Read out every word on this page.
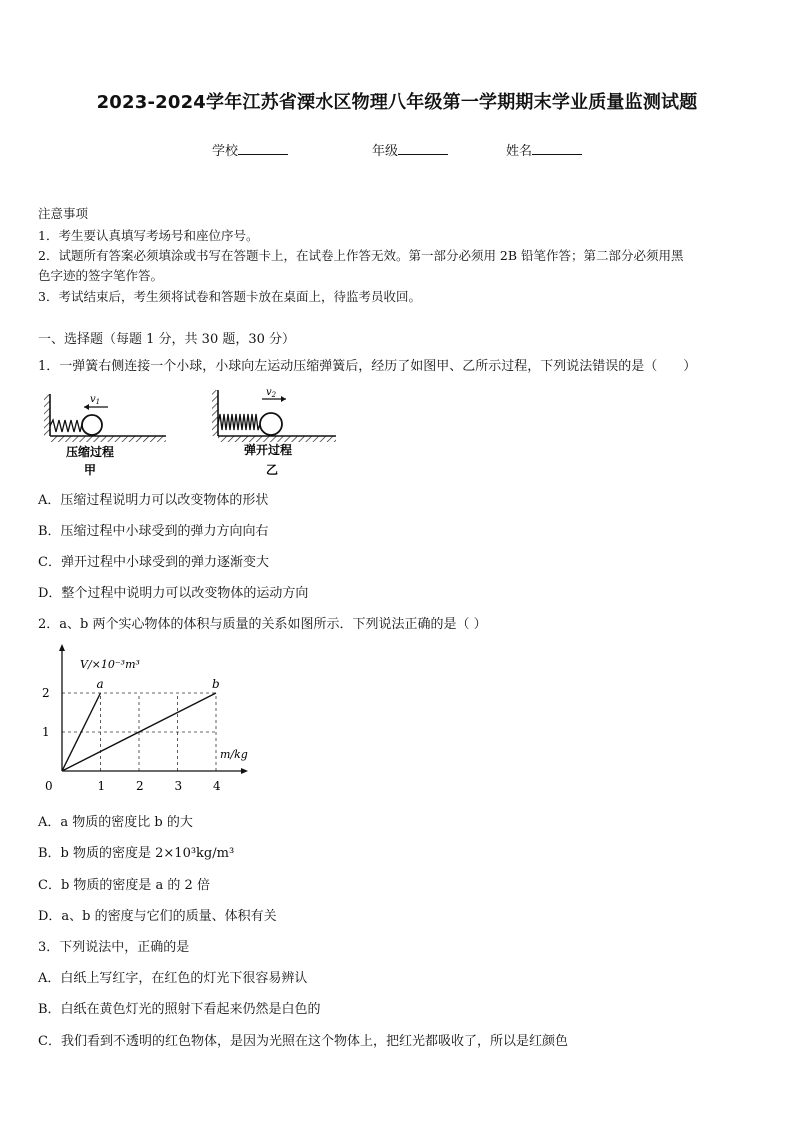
2023-2024学年江苏省溧水区物理八年级第一学期期末学业质量监测试题
学校	年级	姓名
注意事项
1．考生要认真填写考场号和座位序号。
2．试题所有答案必须填涂或书写在答题卡上，在试卷上作答无效。第一部分必须用 2B 铅笔作答；第二部分必须用黑
色字迹的签字笔作答。
3．考试结束后，考生须将试卷和答题卡放在桌面上，待监考员收回。
一、选择题（每题 1 分，共 30 题，30 分）
1．一弹簧右侧连接一个小球，小球向左运动压缩弹簧后，经历了如图甲、乙所示过程，下列说法错误的是（　　）
$v_1$
压缩过程
甲
$v_2$
弹开过程
乙
A．压缩过程说明力可以改变物体的形状
B．压缩过程中小球受到的弹力方向向右
C．弹开过程中小球受到的弹力逐渐变大
D．整个过程中说明力可以改变物体的运动方向
2．a、b 两个实心物体的体积与质量的关系如图所示．下列说法正确的是（ ）
V/×10⁻³m³
m/kg
0	1	2	3	4
1
2
a	b
A．a 物质的密度比 b 的大
B．b 物质的密度是 2×10³kg/m³
C．b 物质的密度是 a 的 2 倍
D．a、b 的密度与它们的质量、体积有关
3．下列说法中，正确的是
A．白纸上写红字，在红色的灯光下很容易辨认
B．白纸在黄色灯光的照射下看起来仍然是白色的
C．我们看到不透明的红色物体，是因为光照在这个物体上，把红光都吸收了，所以是红颜色
